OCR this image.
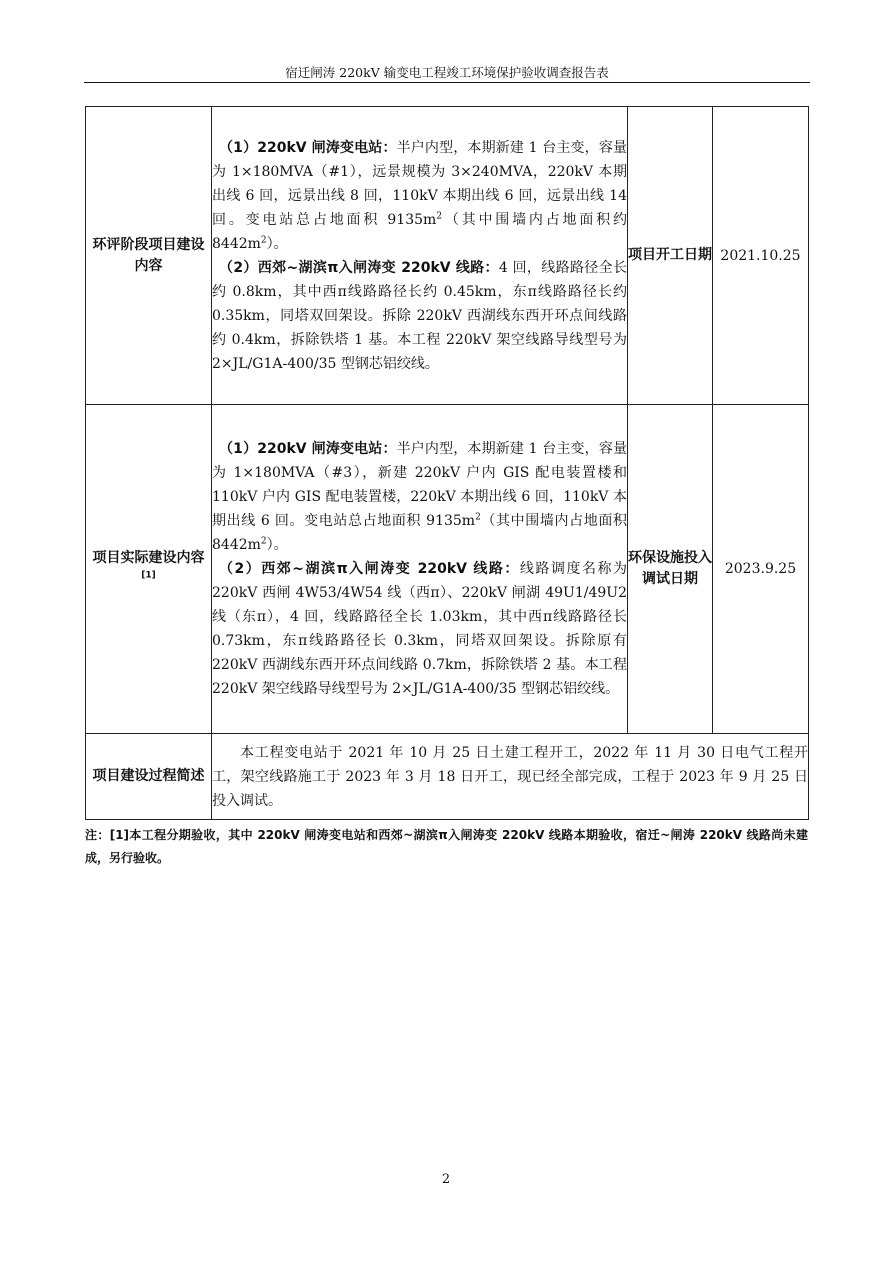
宿迁闸涛 220kV 输变电工程竣工环境保护验收调查报告表
环评阶段项目建设内容	（1）220kV 闸涛变电站：半户内型，本期新建 1 台主变，容量为 1×180MVA（#1），远景规模为 3×240MVA，220kV 本期出线 6 回，远景出线 8 回，110kV 本期出线 6 回，远景出线 14 回。变电站总占地面积 $9135m^2$（其中围墙内占地面积约 $8442m^2$）。

（2）西郊~湖滨π入闸涛变 220kV 线路：4 回，线路路径全长约 0.8km，其中西π线路路径长约 0.45km，东π线路路径长约 0.35km，同塔双回架设。拆除 220kV 西湖线东西开环点间线路约 0.4km，拆除铁塔 1 基。本工程 220kV 架空线路导线型号为 2×JL/G1A-400/35 型钢芯铝绞线。	项目开工日期	2021.10.25
项目实际建设内容[1]	（1）220kV 闸涛变电站：半户内型，本期新建 1 台主变，容量为 1×180MVA（#3），新建 220kV 户内 GIS 配电装置楼和 110kV 户内 GIS 配电装置楼，220kV 本期出线 6 回，110kV 本期出线 6 回。变电站总占地面积 $9135m^2$（其中围墙内占地面积 $8442m^2$）。

（2）西郊~湖滨π入闸涛变 220kV 线路：线路调度名称为 220kV 西闸 4W53/4W54 线（西π）、220kV 闸湖 49U1/49U2 线（东π），4 回，线路路径全长 1.03km，其中西π线路路径长 0.73km，东π线路路径长 0.3km，同塔双回架设。拆除原有 220kV 西湖线东西开环点间线路 0.7km，拆除铁塔 2 基。本工程 220kV 架空线路导线型号为 2×JL/G1A-400/35 型钢芯铝绞线。	环保设施投入调试日期	2023.9.25
项目建设过程简述	本工程变电站于 2021 年 10 月 25 日土建工程开工，2022 年 11 月 30 日电气工程开工，架空线路施工于 2023 年 3 月 18 日开工，现已经全部完成，工程于 2023 年 9 月 25 日投入调试。		

注：[1]本工程分期验收，其中 220kV 闸涛变电站和西郊~湖滨π入闸涛变 220kV 线路本期验收，宿迁~闸涛 220kV 线路尚未建成，另行验收。
2
